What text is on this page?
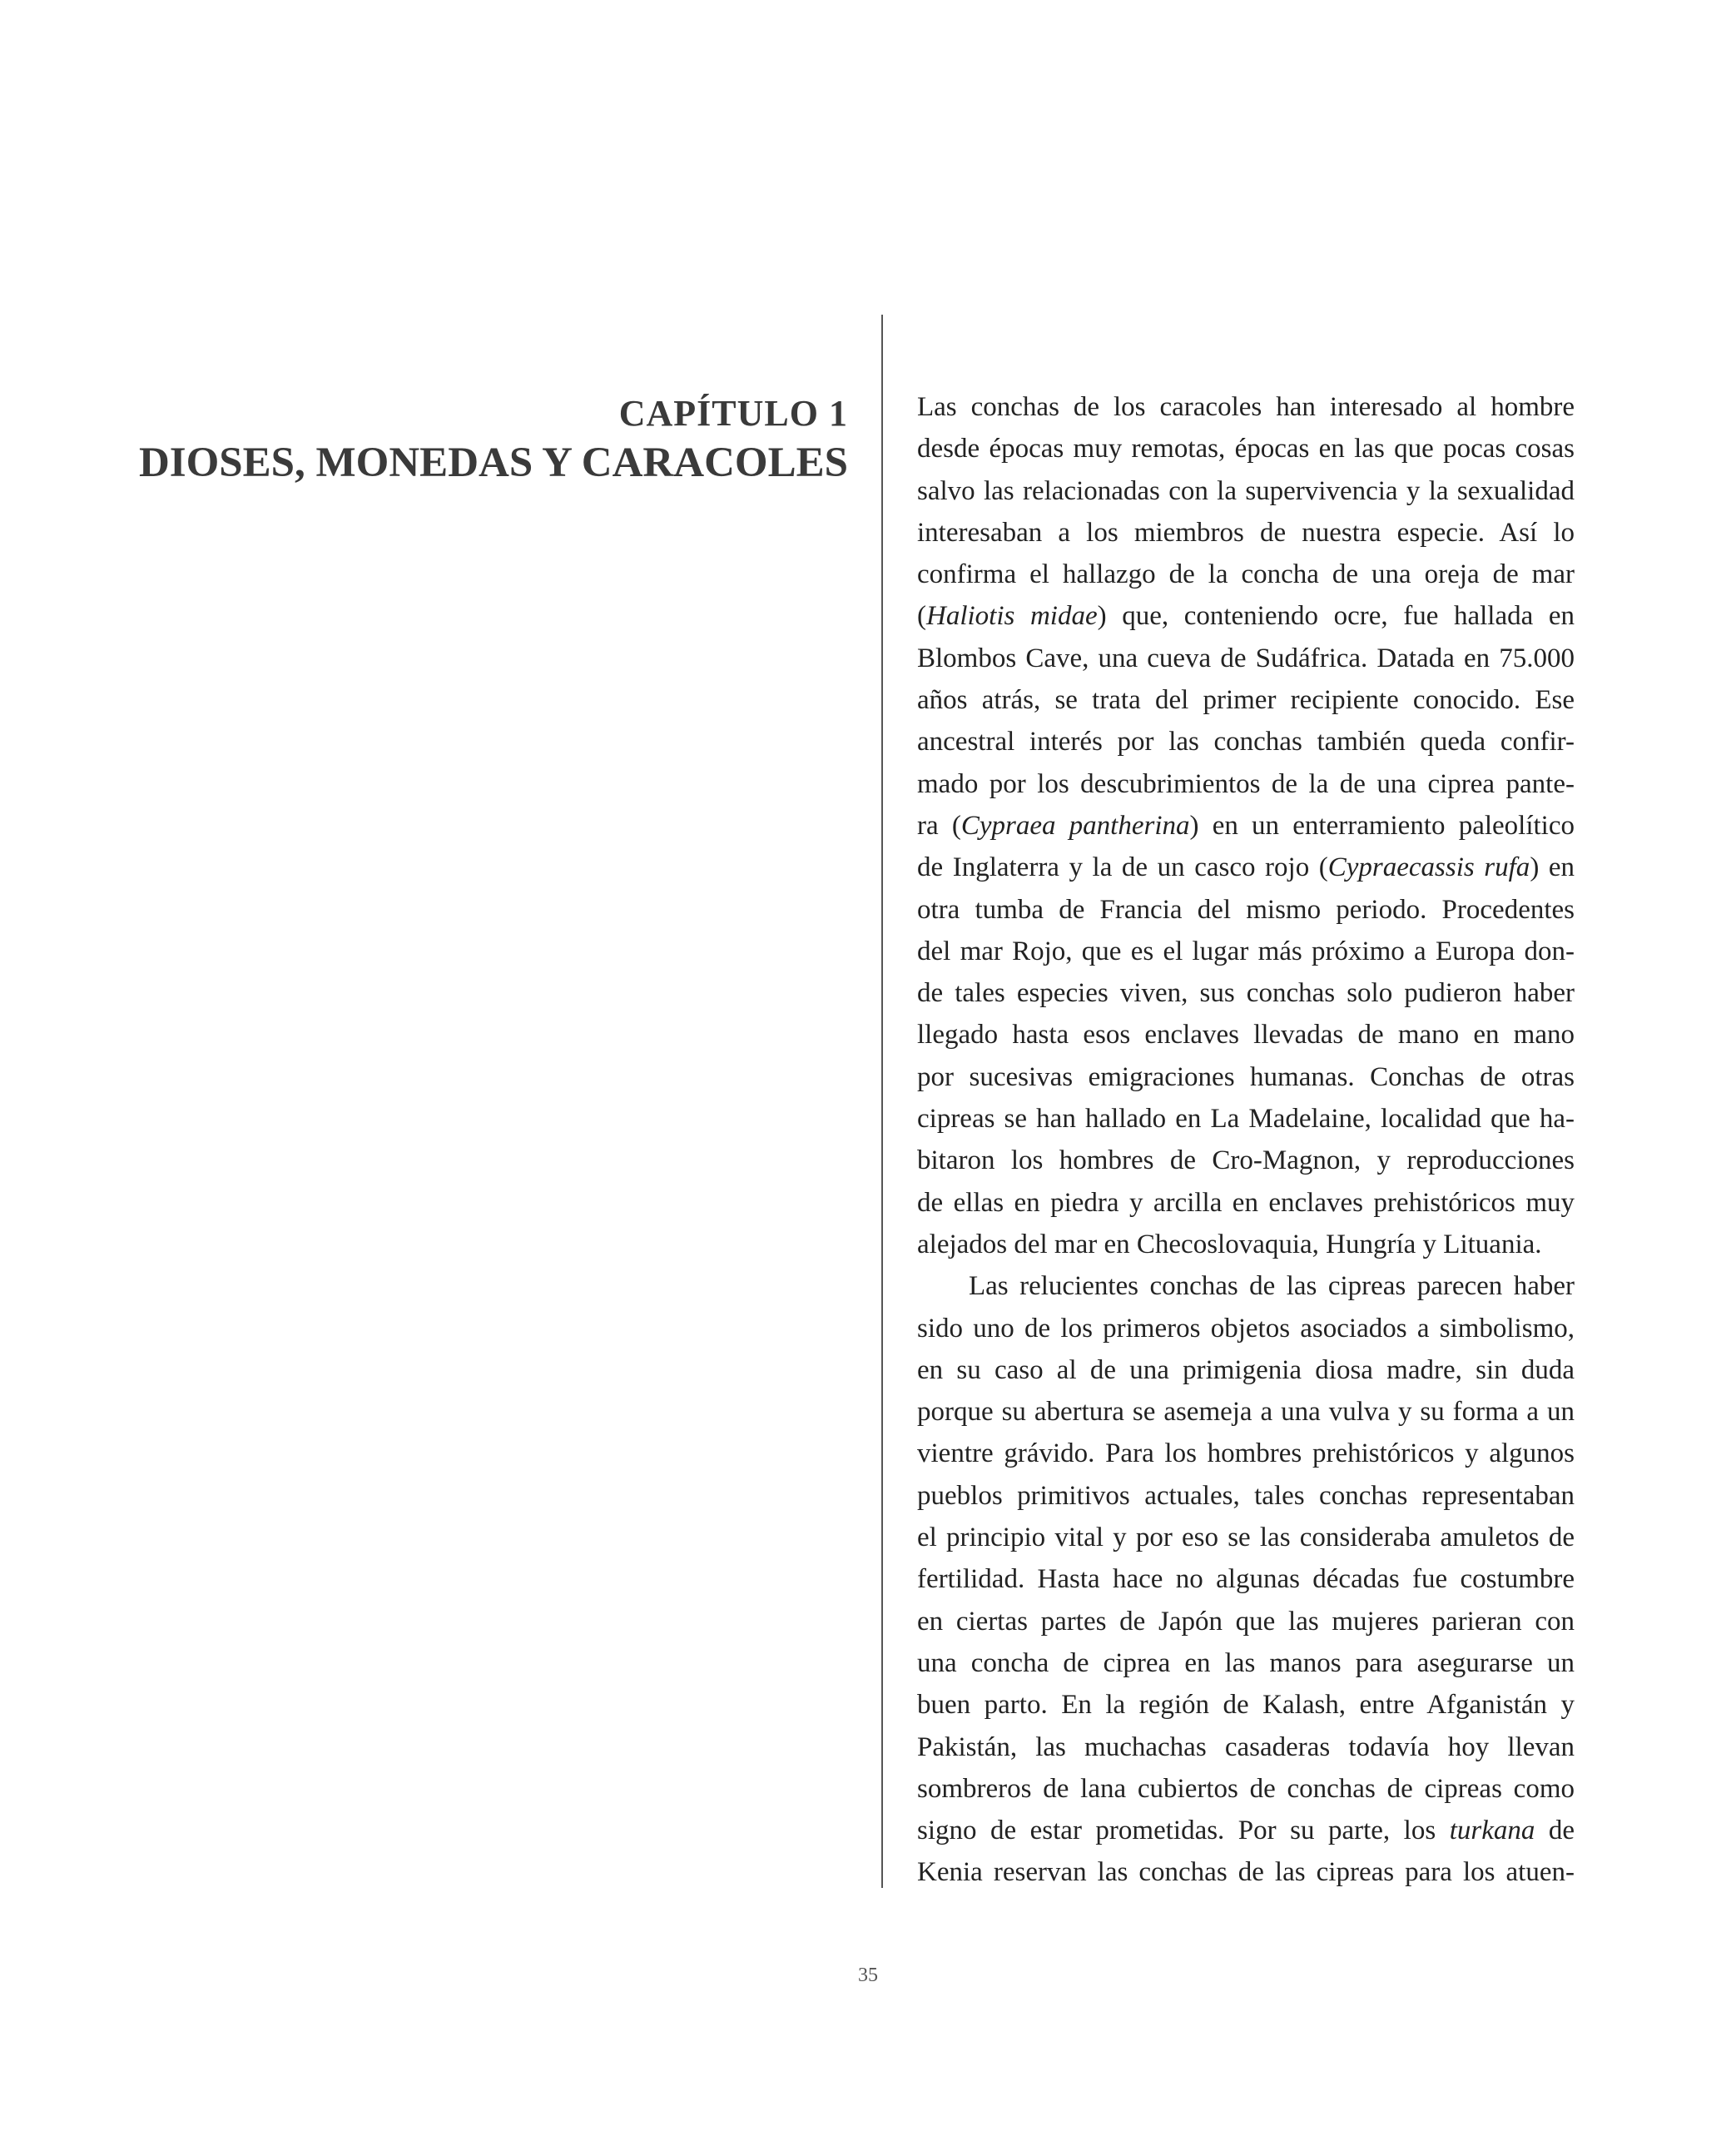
CAPÍTULO 1
DIOSES, MONEDAS Y CARACOLES
Las conchas de los caracoles han interesado al hombre
desde épocas muy remotas, épocas en las que pocas cosas
salvo las relacionadas con la supervivencia y la sexualidad
interesaban a los miembros de nuestra especie. Así lo
confirma el hallazgo de la concha de una oreja de mar
(Haliotis midae) que, conteniendo ocre, fue hallada en
Blombos Cave, una cueva de Sudáfrica. Datada en 75.000
años atrás, se trata del primer recipiente conocido. Ese
ancestral interés por las conchas también queda confir-
mado por los descubrimientos de la de una cipreа pante-
ra (Cypraea pantherina) en un enterramiento paleolítico
de Inglaterra y la de un casco rojo (Cypraecassis rufa) en
otra tumba de Francia del mismo periodo. Procedentes
del mar Rojo, que es el lugar más próximo a Europa don-
de tales especies viven, sus conchas solo pudieron haber
llegado hasta esos enclaves llevadas de mano en mano
por sucesivas emigraciones humanas. Conchas de otras
cipreas se han hallado en La Madelaine, localidad que ha-
bitaron los hombres de Cro-Magnon, y reproducciones
de ellas en piedra y arcilla en enclaves prehistóricos muy
alejados del mar en Checoslovaquia, Hungría y Lituania.
Las relucientes conchas de las cipreas parecen haber
sido uno de los primeros objetos asociados a simbolismo,
en su caso al de una primigenia diosa madre, sin duda
porque su abertura se asemeja a una vulva y su forma a un
vientre grávido. Para los hombres prehistóricos y algunos
pueblos primitivos actuales, tales conchas representaban
el principio vital y por eso se las consideraba amuletos de
fertilidad. Hasta hace no algunas décadas fue costumbre
en ciertas partes de Japón que las mujeres parieran con
una concha de ciprea en las manos para asegurarse un
buen parto. En la región de Kalash, entre Afganistán y
Pakistán, las muchachas casaderas todavía hoy llevan
sombreros de lana cubiertos de conchas de cipreas como
signo de estar prometidas. Por su parte, los turkana de
Kenia reservan las conchas de las cipreas para los atuen-
35
